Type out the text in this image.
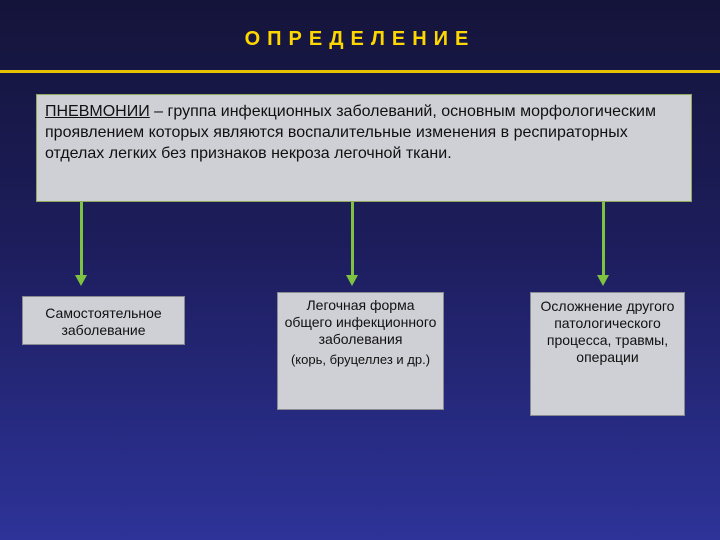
ОПРЕДЕЛЕНИЕ
ПНЕВМОНИИ – группа инфекционных заболеваний, основным морфологическим проявлением которых являются воспалительные изменения в респираторных отделах легких без признаков некроза легочной ткани.
Самостоятельное заболевание
Легочная форма общего инфекционного заболевания
(корь, бруцеллез и др.)
Осложнение другого патологического процесса, травмы, операции
